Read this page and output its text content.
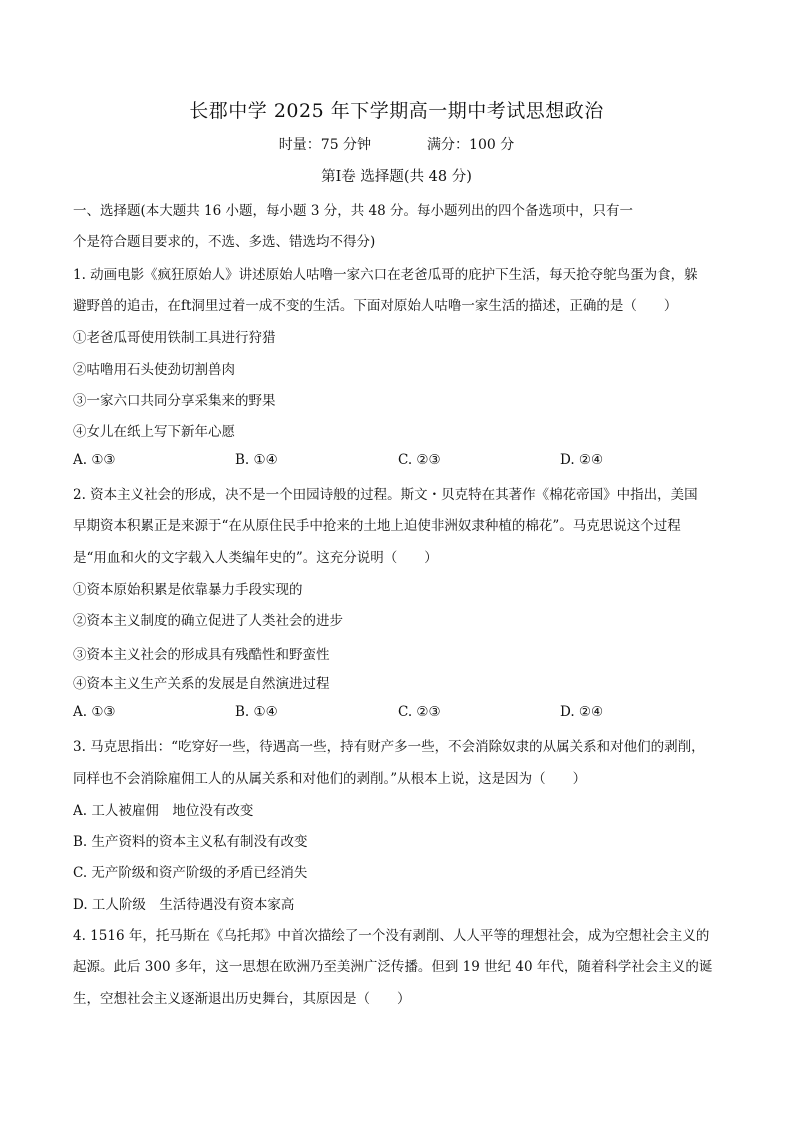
长郡中学 2025 年下学期高一期中考试思想政治
时量：75 分钟	满分：100 分
第Ⅰ卷 选择题(共 48 分)
一、选择题(本大题共 16 小题，每小题 3 分，共 48 分。每小题列出的四个备选项中，只有一
个是符合题目要求的，不选、多选、错选均不得分)
1. 动画电影《疯狂原始人》讲述原始人咕噜一家六口在老爸瓜哥的庇护下生活，每天抢夺鸵鸟蛋为食，躲
避野兽的追击，在ft洞里过着一成不变的生活。下面对原始人咕噜一家生活的描述，正确的是（　　）
①老爸瓜哥使用铁制工具进行狩猎
②咕噜用石头使劲切割兽肉
③一家六口共同分享采集来的野果
④女儿在纸上写下新年心愿
A. ①③	B. ①④	C. ②③	D. ②④
2. 资本主义社会的形成，决不是一个田园诗般的过程。斯文・贝克特在其著作《棉花帝国》中指出，美国
早期资本积累正是来源于“在从原住民手中抢来的土地上迫使非洲奴隶种植的棉花”。马克思说这个过程
是“用血和火的文字载入人类编年史的”。这充分说明（　　）
①资本原始积累是依靠暴力手段实现的
②资本主义制度的确立促进了人类社会的进步
③资本主义社会的形成具有残酷性和野蛮性
④资本主义生产关系的发展是自然演进过程
A. ①③	B. ①④	C. ②③	D. ②④
3. 马克思指出：“吃穿好一些，待遇高一些，持有财产多一些，不会消除奴隶的从属关系和对他们的剥削，
同样也不会消除雇佣工人的从属关系和对他们的剥削。”从根本上说，这是因为（　　）
A. 工人被雇佣　地位没有改变
B. 生产资料的资本主义私有制没有改变
C. 无产阶级和资产阶级的矛盾已经消失
D. 工人阶级　生活待遇没有资本家高
4. 1516 年，托马斯在《乌托邦》中首次描绘了一个没有剥削、人人平等的理想社会，成为空想社会主义的
起源。此后 300 多年，这一思想在欧洲乃至美洲广泛传播。但到 19 世纪 40 年代，随着科学社会主义的诞
生，空想社会主义逐渐退出历史舞台，其原因是（　　）
